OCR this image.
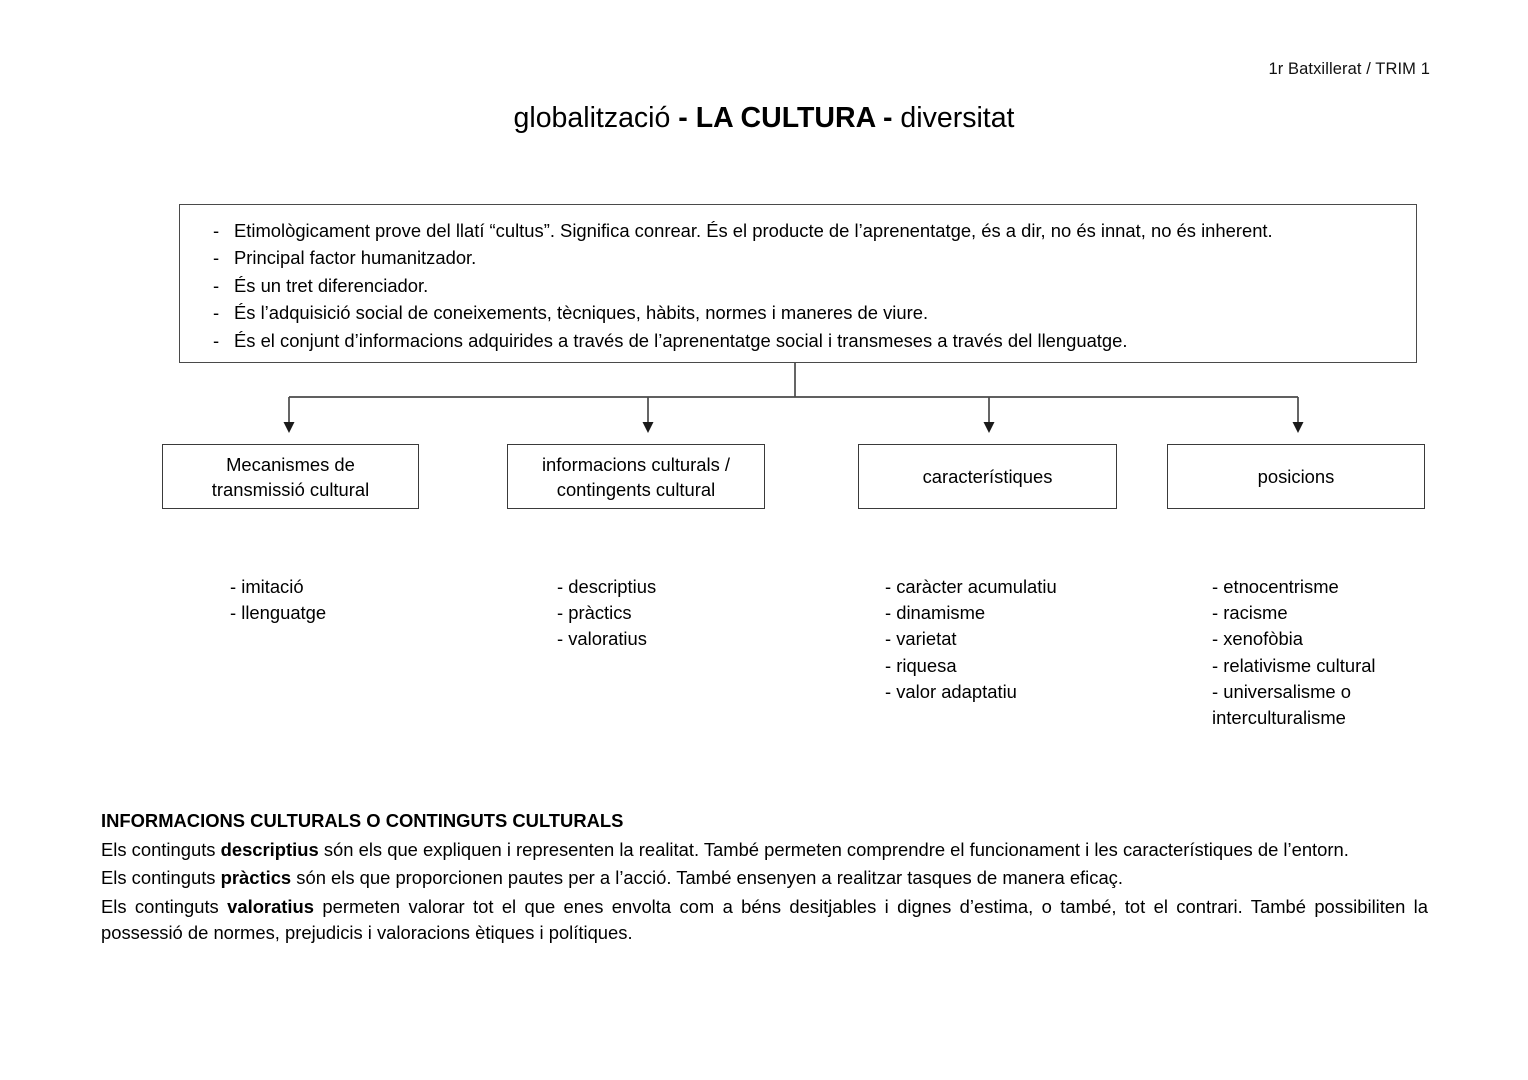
1r Batxillerat / TRIM 1
globalització - LA CULTURA - diversitat
- Etimològicament prove del llatí “cultus”. Significa conrear. És el producte de l’aprenentatge, és a dir, no és innat, no és inherent.
- Principal factor humanitzador.
- És un tret diferenciador.
- És l’adquisició social de coneixements, tècniques, hàbits, normes i maneres de viure.
- És el conjunt d’informacions adquirides a través de l’aprenentatge social i transmeses a través del llenguatge.
Mecanismes de
transmissió cultural
informacions culturals /
contingents cultural
característiques	posicions
- imitació
- llenguatge
- descriptius
- pràctics
- valoratius
- caràcter acumulatiu
- dinamisme
- varietat
- riquesa
- valor adaptatiu
- etnocentrisme
- racisme
- xenofòbia
- relativisme cultural
- universalisme o interculturalisme
INFORMACIONS CULTURALS O CONTINGUTS CULTURALS
Els continguts descriptius són els que expliquen i representen la realitat. També permeten comprendre el funcionament i les característiques de l’entorn.
Els continguts pràctics són els que proporcionen pautes per a l’acció. També ensenyen a realitzar tasques de manera eficaç.
Els continguts valoratius permeten valorar tot el que enes envolta com a béns desitjables i dignes d’estima, o també, tot el contrari. També possibiliten la possessió de normes, prejudicis i valoracions ètiques i polítiques.
